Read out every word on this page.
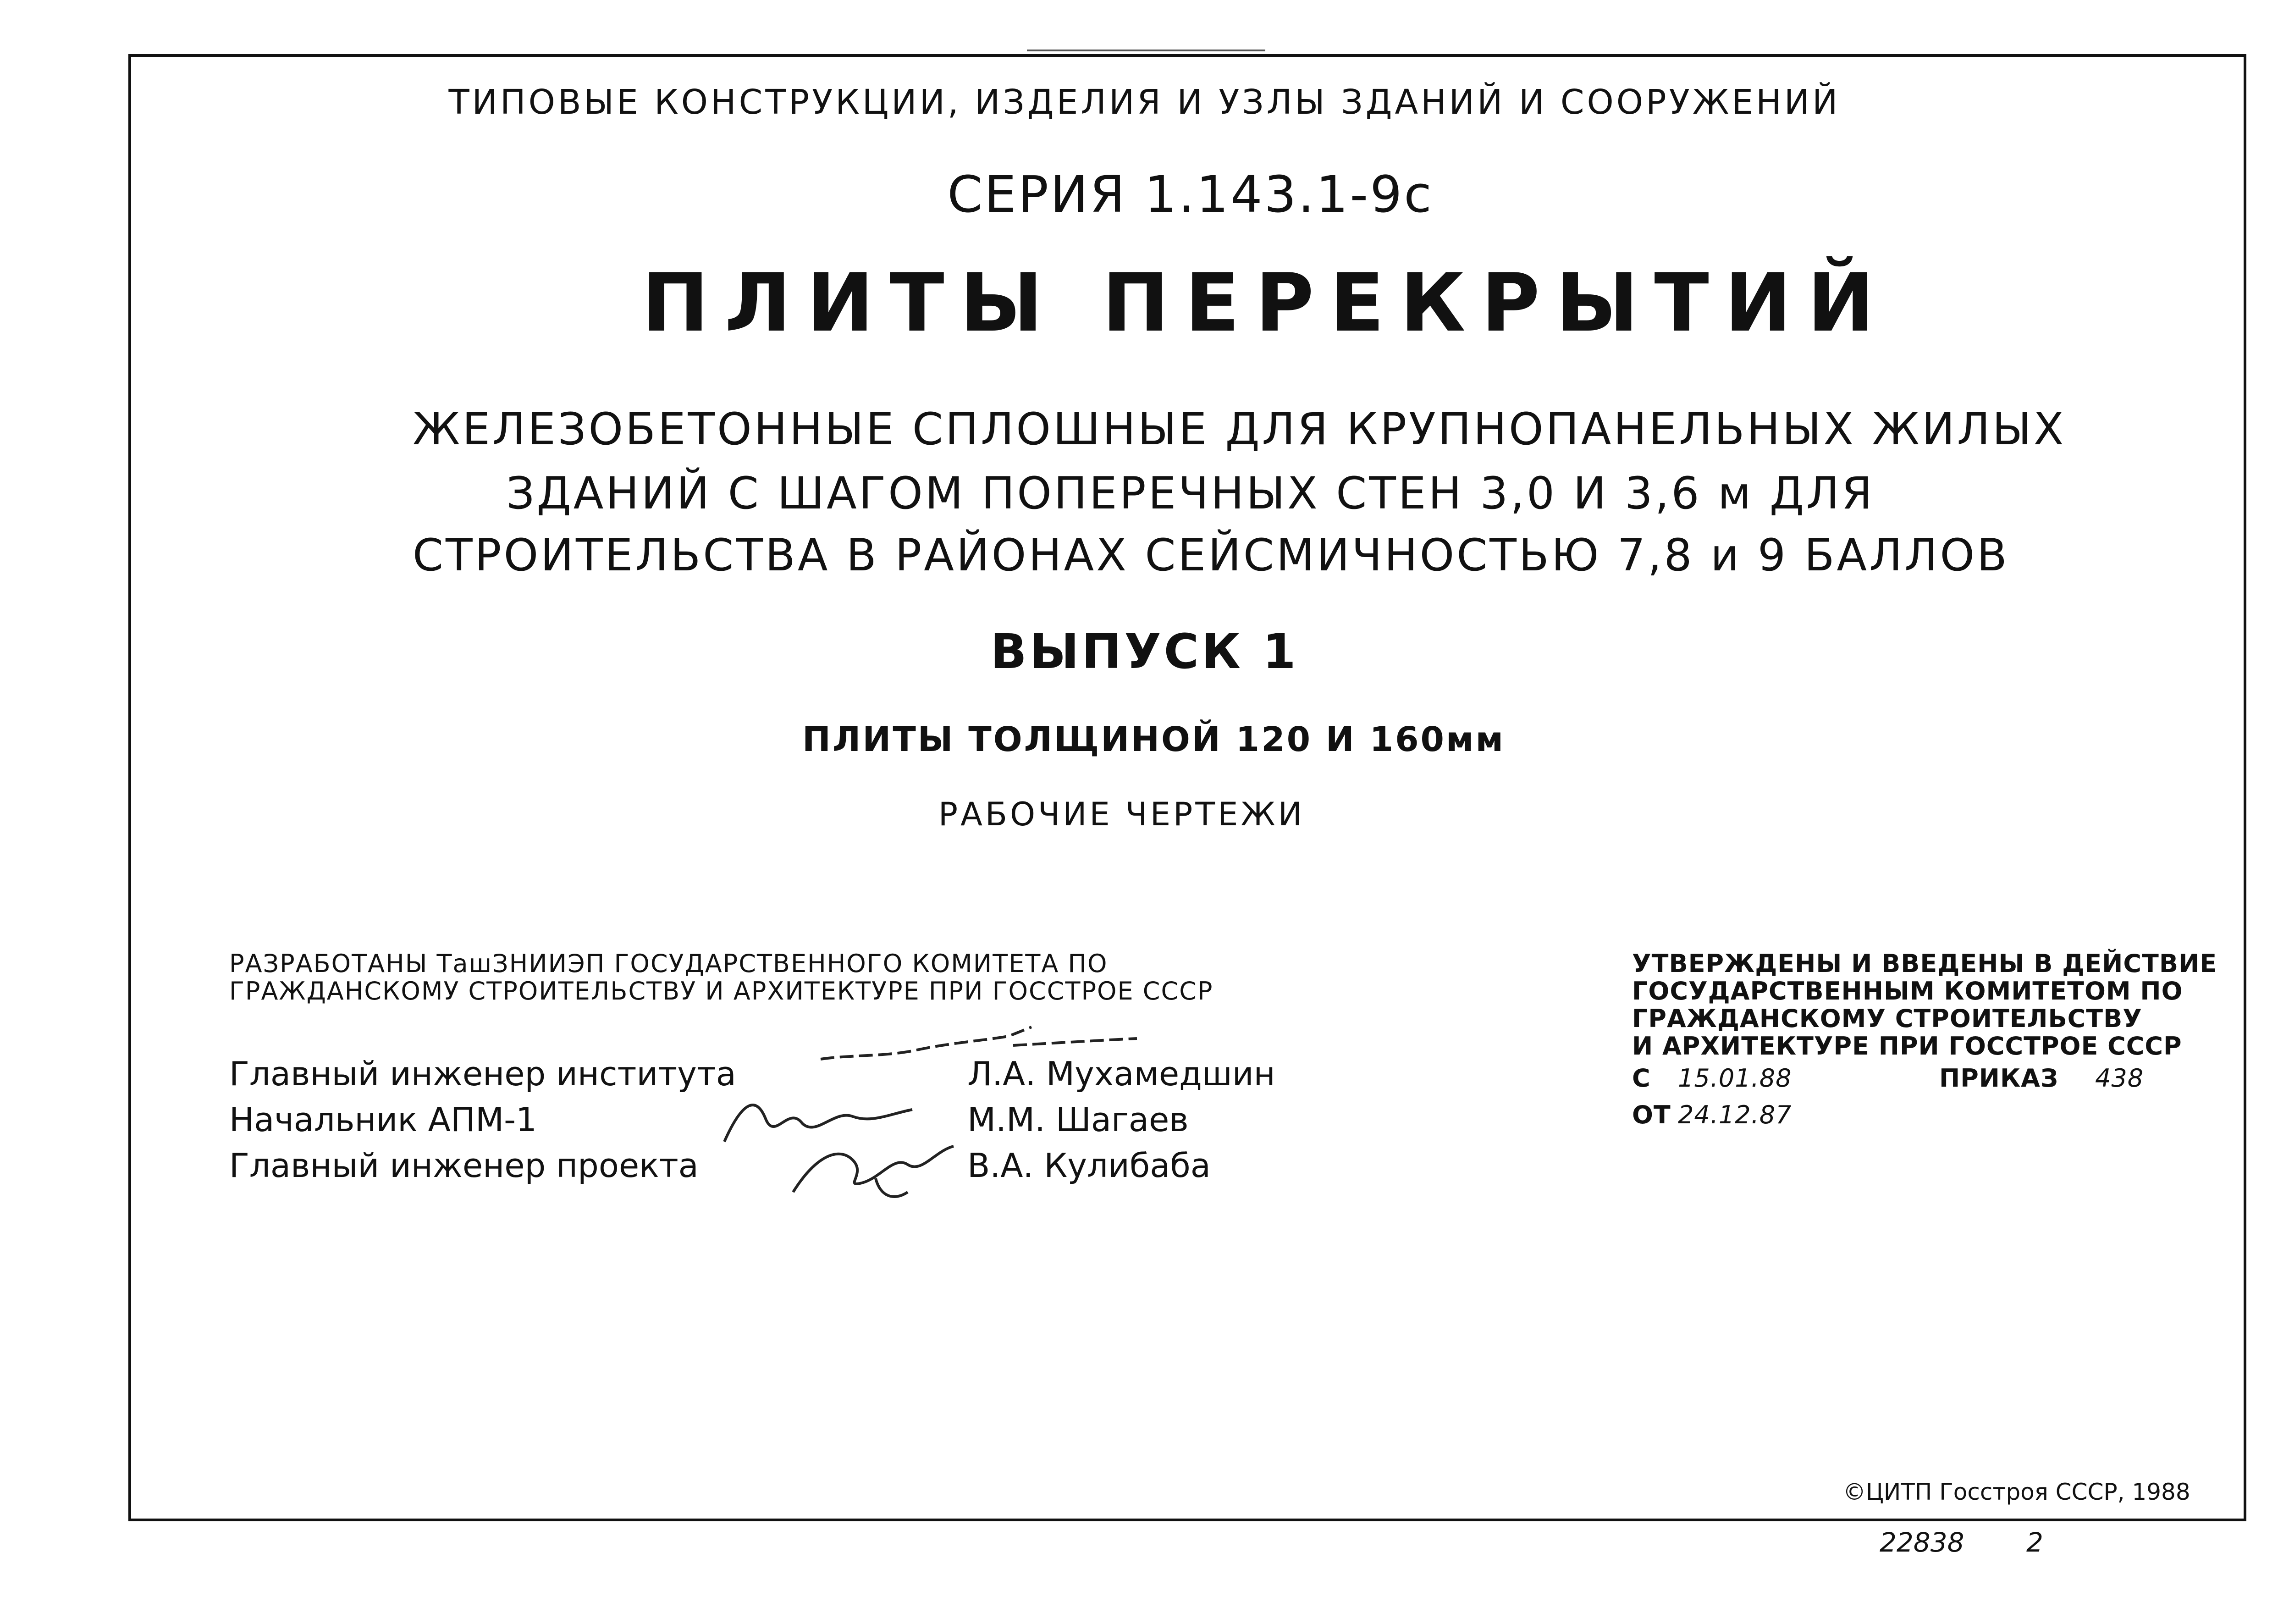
ТИПОВЫЕ КОНСТРУКЦИИ, ИЗДЕЛИЯ И УЗЛЫ ЗДАНИЙ И СООРУЖЕНИЙ
СЕРИЯ 1.143.1-9с
ПЛИТЫ ПЕРЕКРЫТИЙ
ЖЕЛЕЗОБЕТОННЫЕ СПЛОШНЫЕ ДЛЯ КРУПНОПАНЕЛЬНЫХ ЖИЛЫХ
ЗДАНИЙ С ШАГОМ ПОПЕРЕЧНЫХ СТЕН 3,0 И 3,6 м ДЛЯ
СТРОИТЕЛЬСТВА В РАЙОНАХ СЕЙСМИЧНОСТЬЮ 7,8 и 9 БАЛЛОВ
ВЫПУСК 1
ПЛИТЫ ТОЛЩИНОЙ 120 И 160мм
РАБОЧИЕ ЧЕРТЕЖИ
РАЗРАБОТАНЫ ТашЗНИИЭП ГОСУДАРСТВЕННОГО КОМИТЕТА ПО
ГРАЖДАНСКОМУ СТРОИТЕЛЬСТВУ И АРХИТЕКТУРЕ ПРИ ГОССТРОЕ СССР
Главный инженер института	Л.А. Мухамедшин
Начальник АПМ-1	М.М. Шагаев
Главный инженер проекта	В.А. Кулибаба
УТВЕРЖДЕНЫ И ВВЕДЕНЫ В ДЕЙСТВИЕ
ГОСУДАРСТВЕННЫМ КОМИТЕТОМ ПО
ГРАЖДАНСКОМУ СТРОИТЕЛЬСТВУ
И АРХИТЕКТУРЕ ПРИ ГОССТРОЕ СССР
С 15.01.88	ПРИКАЗ 438
ОТ 24.12.87
©ЦИТП Госстроя СССР, 1988
22838 2
